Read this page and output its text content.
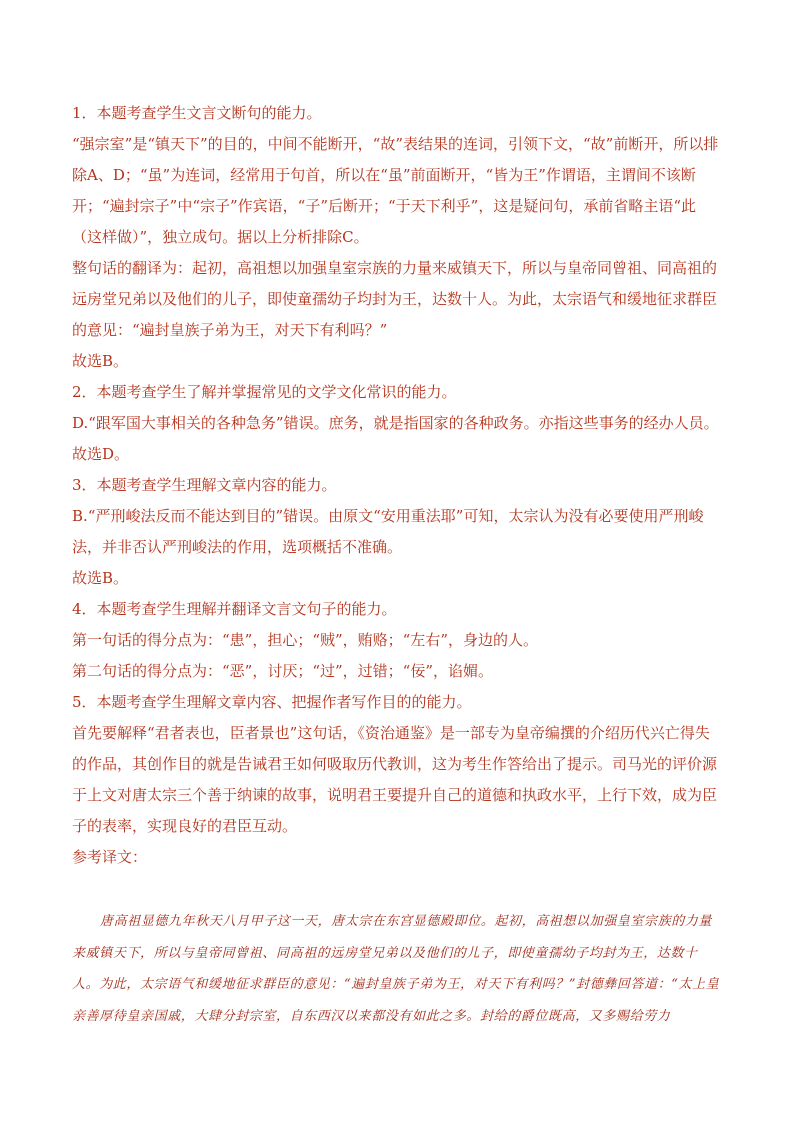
1．本题考查学生文言文断句的能力。

“强宗室”是“镇天下”的目的，中间不能断开，“故”表结果的连词，引领下文，“故”前断开，所以排除A、D；“虽”为连词，经常用于句首，所以在“虽”前面断开，“皆为王”作谓语，主谓间不该断开；“遍封宗子”中“宗子”作宾语，“子”后断开；“于天下利乎”，这是疑问句，承前省略主语“此（这样做）”，独立成句。据以上分析排除C。

整句话的翻译为：起初，高祖想以加强皇室宗族的力量来威镇天下，所以与皇帝同曾祖、同高祖的远房堂兄弟以及他们的儿子，即使童孺幼子均封为王，达数十人。为此，太宗语气和缓地征求群臣的意见：“遍封皇族子弟为王，对天下有利吗？”

故选B。

2．本题考查学生了解并掌握常见的文学文化常识的能力。

D.“跟军国大事相关的各种急务”错误。庶务，就是指国家的各种政务。亦指这些事务的经办人员。

故选D。

3．本题考查学生理解文章内容的能力。

B.“严刑峻法反而不能达到目的”错误。由原文“安用重法耶”可知，太宗认为没有必要使用严刑峻法，并非否认严刑峻法的作用，选项概括不准确。

故选B。

4．本题考查学生理解并翻译文言文句子的能力。

第一句话的得分点为：“患”，担心；“贼”，贿赂；“左右”，身边的人。

第二句话的得分点为：“恶”，讨厌；“过”，过错；“佞”，谄媚。

5．本题考查学生理解文章内容、把握作者写作目的的能力。

首先要解释“君者表也，臣者景也”这句话，《资治通鉴》是一部专为皇帝编撰的介绍历代兴亡得失的作品，其创作目的就是告诫君王如何吸取历代教训，这为考生作答给出了提示。司马光的评价源于上文对唐太宗三个善于纳谏的故事，说明君王要提升自己的道德和执政水平，上行下效，成为臣子的表率，实现良好的君臣互动。

参考译文：

唐高祖显德九年秋天八月甲子这一天，唐太宗在东宫显德殿即位。起初，高祖想以加强皇室宗族的力量来威镇天下，所以与皇帝同曾祖、同高祖的远房堂兄弟以及他们的儿子，即使童孺幼子均封为王，达数十人。为此，太宗语气和缓地征求群臣的意见：“遍封皇族子弟为王，对天下有利吗？”封德彝回答道：“太上皇亲善厚待皇亲国戚，大肆分封宗室，自东西汉以来都没有如此之多。封给的爵位既高，又多赐给劳力
